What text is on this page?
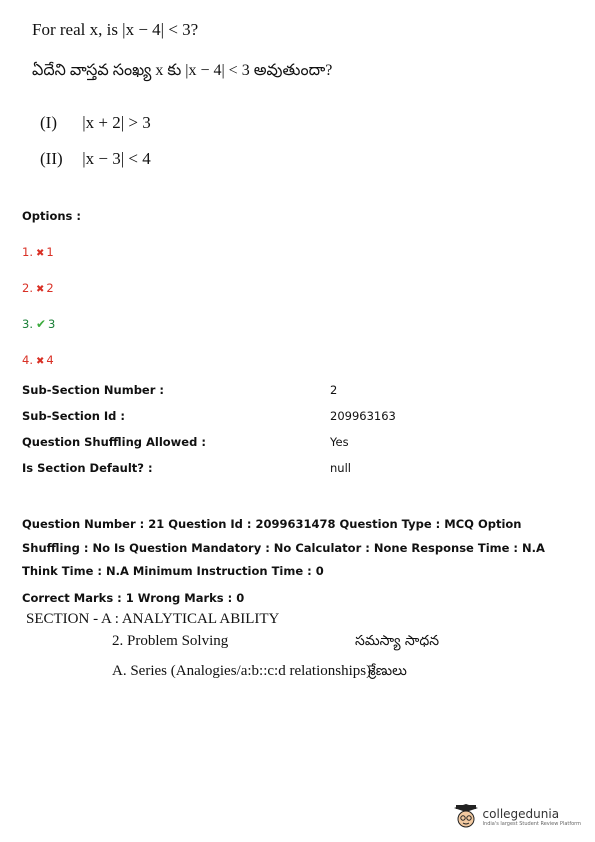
For real x, is |x − 4| < 3?
ఏదేని వాస్తవ సంఖ్య x కు |x − 4| < 3 అవుతుందా?
(I) |x + 2| > 3
(II) |x − 3| < 4
Options :
1. ✖ 1
2. ✖ 2
3. ✔ 3
4. ✖ 4
Sub-Section Number :	2
Sub-Section Id :	209963163
Question Shuffling Allowed :	Yes
Is Section Default? :	null
Question Number : 21 Question Id : 2099631478 Question Type : MCQ Option Shuffling : No Is Question Mandatory : No Calculator : None Response Time : N.A Think Time : N.A Minimum Instruction Time : 0
Correct Marks : 1 Wrong Marks : 0
SECTION - A : ANALYTICAL ABILITY
2. Problem Solving	సమస్యా సాధన
A. Series (Analogies/a:b::c:d relationships)
శ్రేణులు
collegedunia
India's largest Student Review Platform
